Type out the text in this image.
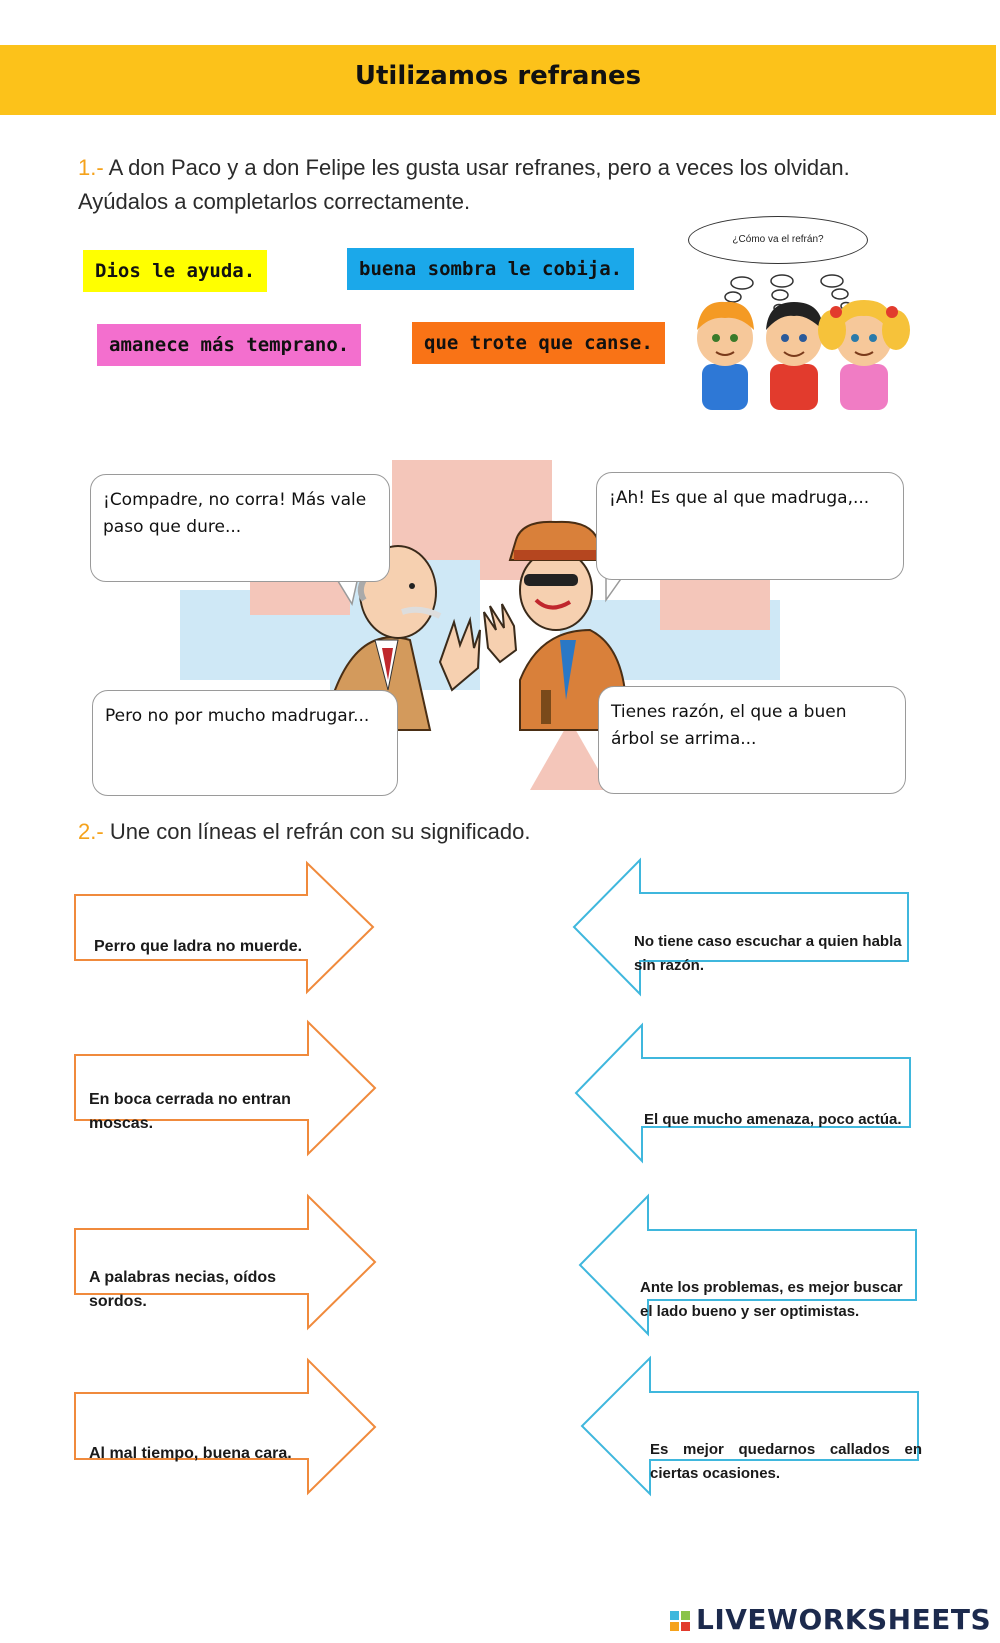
Utilizamos refranes
1.- A don Paco y a don Felipe les gusta usar refranes, pero a veces los olvidan.
Ayúdalos a completarlos correctamente.
Dios le ayuda.	buena sombra le cobija.
amanece más temprano.	que trote que canse.
¿Cómo va el refrán?
¡Compadre, no corra! Más vale paso que dure...
¡Ah! Es que al que madruga,...
Pero no por mucho madrugar...	Tienes razón, el que a buen árbol se arrima...
2.- Une con líneas el refrán con su significado.
Perro que ladra no muerde.
En boca cerrada no entran moscas.
A palabras necias, oídos sordos.
Al mal tiempo, buena cara.
No tiene caso escuchar a quien habla sin razón.
El que mucho amenaza, poco actúa.
Ante los problemas, es mejor buscar el lado bueno y ser optimistas.
Es mejor quedarnos callados en ciertas ocasiones.
LIVEWORKSHEETS
